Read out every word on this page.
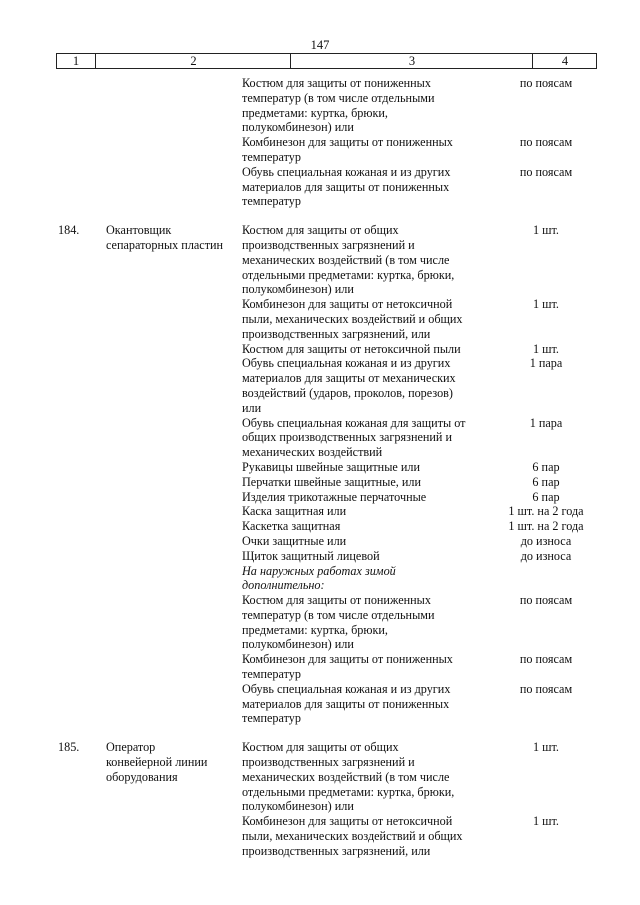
147
1	2	3	4
Костюм для защиты от пониженных	по поясам
температур (в том числе отдельными
предметами: куртка, брюки,
полукомбинезон) или
Комбинезон для защиты от пониженных	по поясам
температур
Обувь специальная кожаная и из других	по поясам
материалов для защиты от пониженных
температур
184.	Окантовщик	Костюм для защиты от общих	1 шт.
сепараторных пластин	производственных загрязнений и
механических воздействий (в том числе
отдельными предметами: куртка, брюки,
полукомбинезон) или
Комбинезон для защиты от нетоксичной	1 шт.
пыли, механических воздействий и общих
производственных загрязнений, или
Костюм для защиты от нетоксичной пыли	1 шт.
Обувь специальная кожаная и из других	1 пара
материалов для защиты от механических
воздействий (ударов, проколов, порезов)
или
Обувь специальная кожаная для защиты от	1 пара
общих производственных загрязнений и
механических воздействий
Рукавицы швейные защитные или	6 пар
Перчатки швейные защитные, или	6 пар
Изделия трикотажные перчаточные	6 пар
Каска защитная или	1 шт. на 2 года
Каскетка защитная	1 шт. на 2 года
Очки защитные или	до износа
Щиток защитный лицевой	до износа
На наружных работах зимой
дополнительно:
Костюм для защиты от пониженных	по поясам
температур (в том числе отдельными
предметами: куртка, брюки,
полукомбинезон) или
Комбинезон для защиты от пониженных	по поясам
температур
Обувь специальная кожаная и из других	по поясам
материалов для защиты от пониженных
температур
185.	Оператор	Костюм для защиты от общих	1 шт.
конвейерной линии	производственных загрязнений и
оборудования	механических воздействий (в том числе
отдельными предметами: куртка, брюки,
полукомбинезон) или
Комбинезон для защиты от нетоксичной	1 шт.
пыли, механических воздействий и общих
производственных загрязнений, или
